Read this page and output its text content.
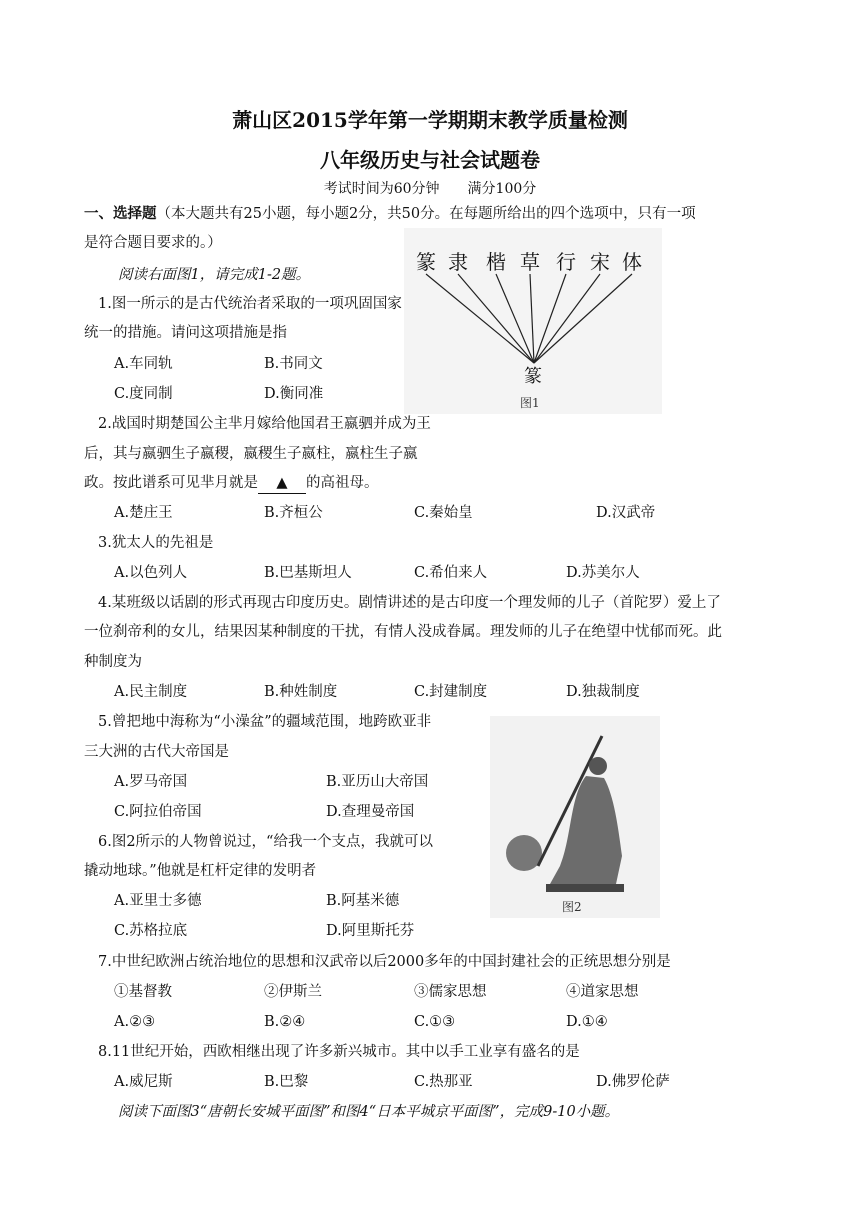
萧山区2015学年第一学期期末教学质量检测
八年级历史与社会试题卷
考试时间为60分钟 满分100分
一、选择题（本大题共有25小题，每小题2分，共50分。在每题所给出的四个选项中，只有一项
是符合题目要求的。）
阅读右面图1，请完成1-2题。
篆 隶 楷 草 行 宋 体
篆
图1
1.图一所示的是古代统治者采取的一项巩固国家
统一的措施。请问这项措施是指
A.车同轨	B.书同文
C.度同制	D.衡同准
2.战国时期楚国公主芈月嫁给他国君王嬴驷并成为王
后，其与嬴驷生子嬴稷，嬴稷生子嬴柱，嬴柱生子嬴
政。按此谱系可见芈月就是 ▲ 的高祖母。
A.楚庄王	B.齐桓公	C.秦始皇	D.汉武帝
3.犹太人的先祖是
A.以色列人	B.巴基斯坦人	C.希伯来人	D.苏美尔人
4.某班级以话剧的形式再现古印度历史。剧情讲述的是古印度一个理发师的儿子（首陀罗）爱上了
一位刹帝利的女儿，结果因某种制度的干扰，有情人没成眷属。理发师的儿子在绝望中忧郁而死。此
种制度为
A.民主制度	B.种姓制度	C.封建制度	D.独裁制度
图2
5.曾把地中海称为“小澡盆”的疆域范围，地跨欧亚非
三大洲的古代大帝国是
A.罗马帝国	B.亚历山大帝国
C.阿拉伯帝国	D.查理曼帝国
6.图2所示的人物曾说过，“给我一个支点，我就可以
撬动地球。”他就是杠杆定律的发明者
A.亚里士多德	B.阿基米德
C.苏格拉底	D.阿里斯托芬
7.中世纪欧洲占统治地位的思想和汉武帝以后2000多年的中国封建社会的正统思想分别是
①基督教	②伊斯兰	③儒家思想	④道家思想
A.②③	B.②④	C.①③	D.①④
8.11世纪开始，西欧相继出现了许多新兴城市。其中以手工业享有盛名的是
A.威尼斯	B.巴黎	C.热那亚	D.佛罗伦萨
阅读下面图3“唐朝长安城平面图”和图4“日本平城京平面图”，完成9-10小题。
